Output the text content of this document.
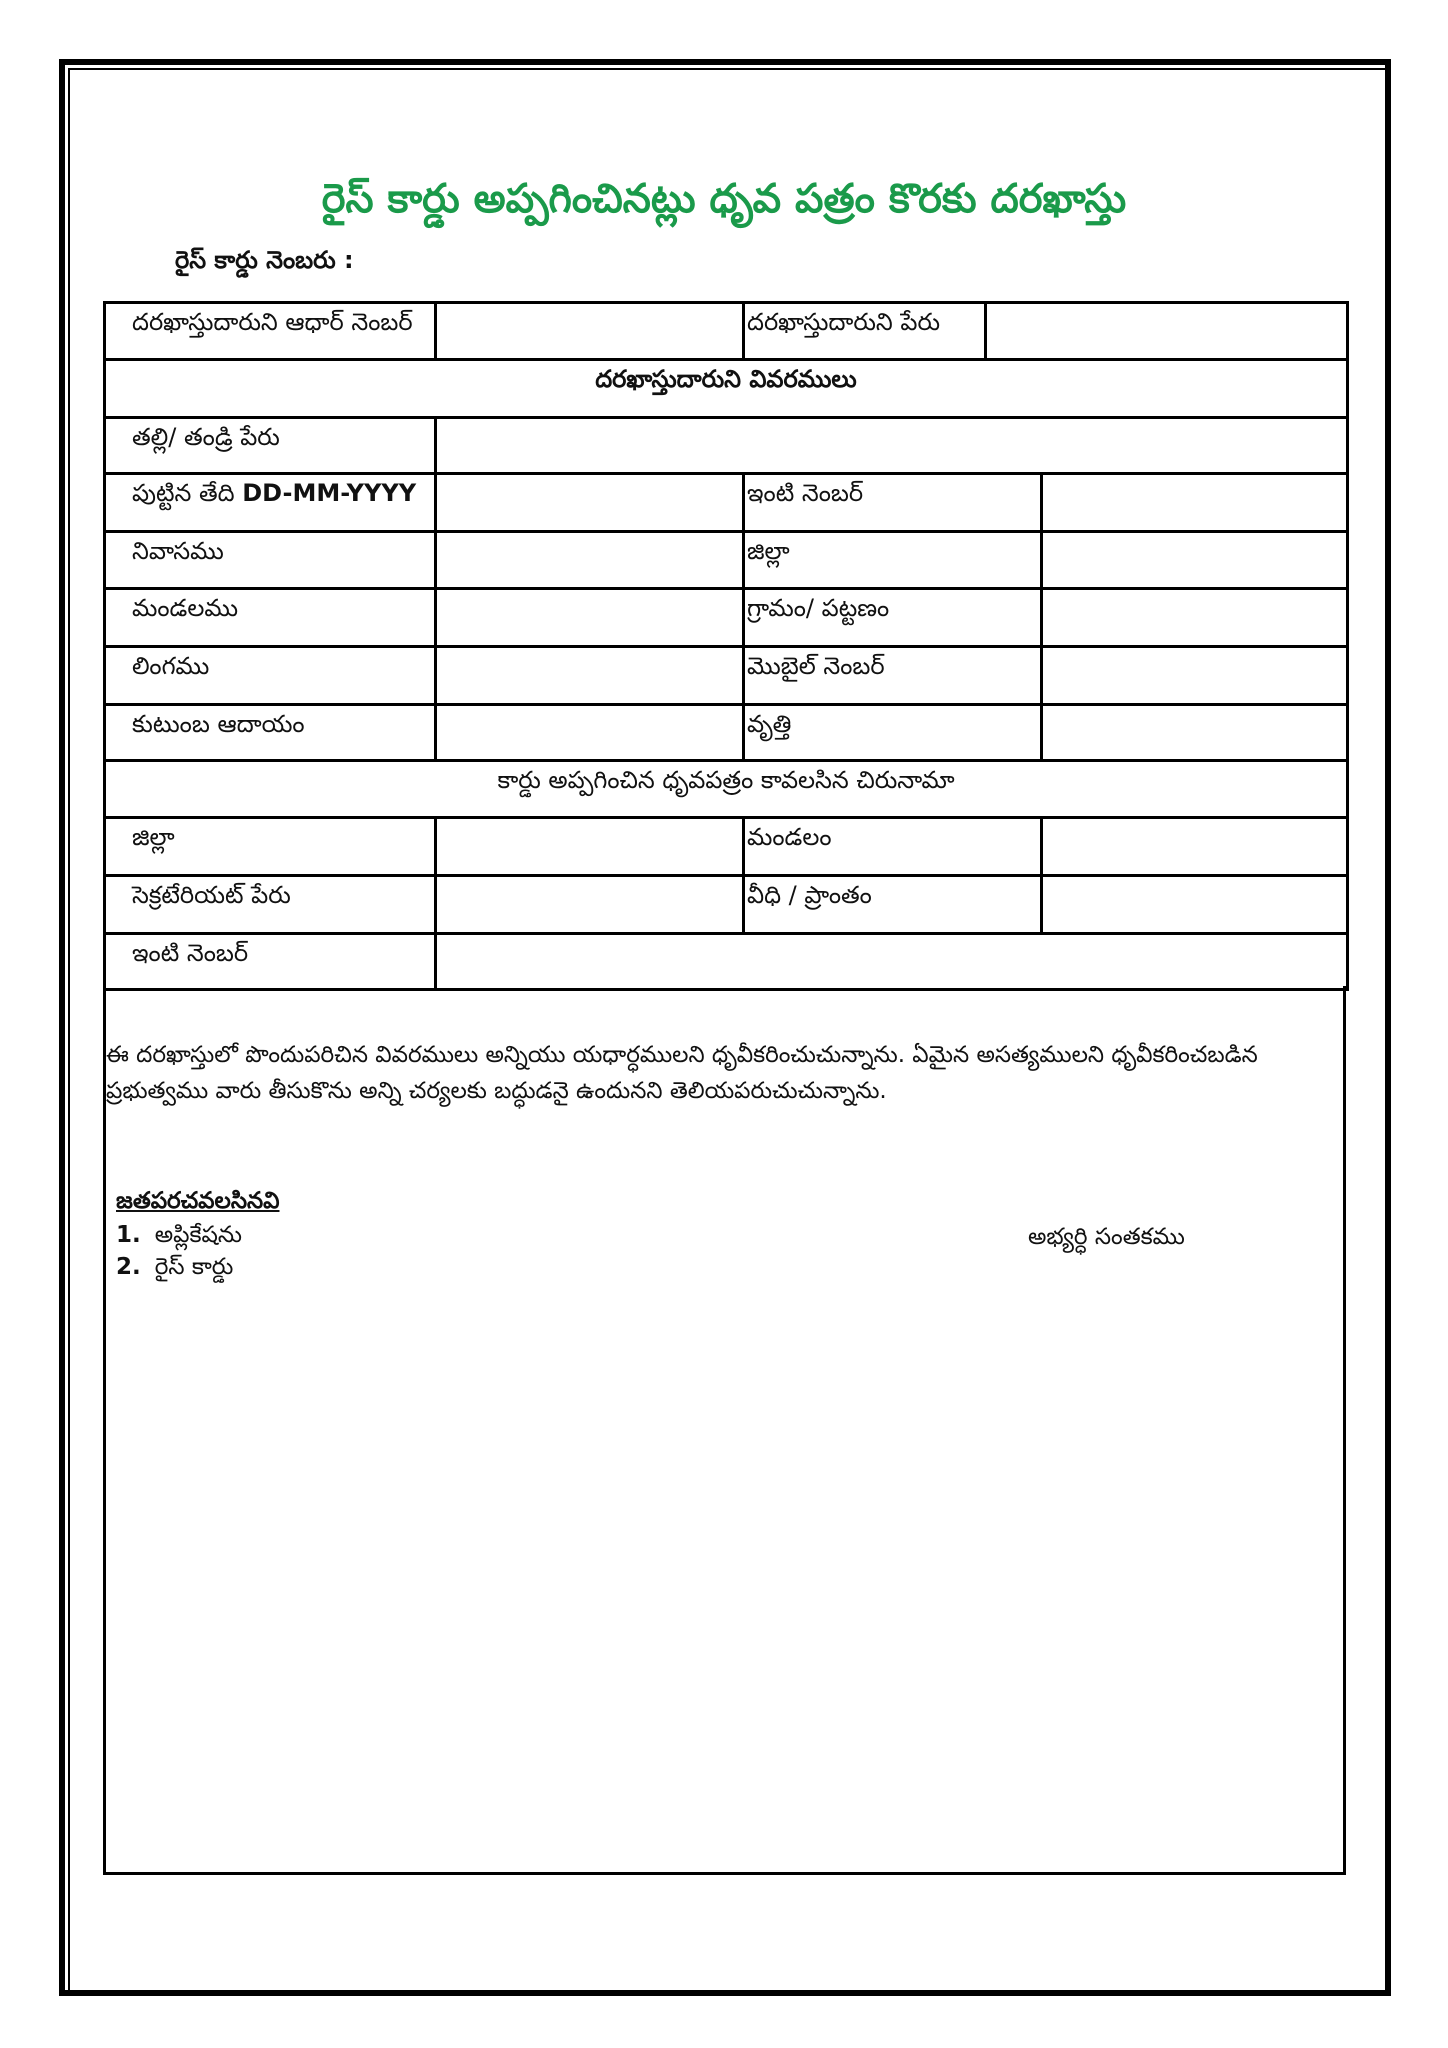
రైస్ కార్డు అప్పగించినట్లు ధృవ పత్రం కొరకు దరఖాస్తు
రైస్ కార్డు నెంబరు :
దరఖాస్తుదారుని ఆధార్ నెంబర్		దరఖాస్తుదారుని పేరు		
దరఖాస్తుదారుని వివరములు				
తల్లి/ తండ్రి పేరు				
పుట్టిన తేది DD-MM-YYYY		ఇంటి నెంబర్		
నివాసము		జిల్లా		
మండలము		గ్రామం/ పట్టణం		
లింగము		మొబైల్ నెంబర్		
కుటుంబ ఆదాయం		వృత్తి		
కార్డు అప్పగించిన ధృవపత్రం కావలసిన చిరునామా				
జిల్లా		మండలం		
సెక్రటేరియట్ పేరు		వీధి / ప్రాంతం		
ఇంటి నెంబర్				
ఈ దరఖాస్తులో పొందుపరిచిన వివరములు అన్నియు యధార్ధములని ధృవీకరించుచున్నాను. ఏమైన అసత్యములని ధృవీకరించబడిన ప్రభుత్వము వారు తీసుకొను అన్ని చర్యలకు బద్ధుడనై ఉందునని తెలియపరుచుచున్నాను.
జతపరచవలసినవి
1. అప్లికేషను
2. రైస్ కార్డు
అభ్యర్ధి సంతకము
